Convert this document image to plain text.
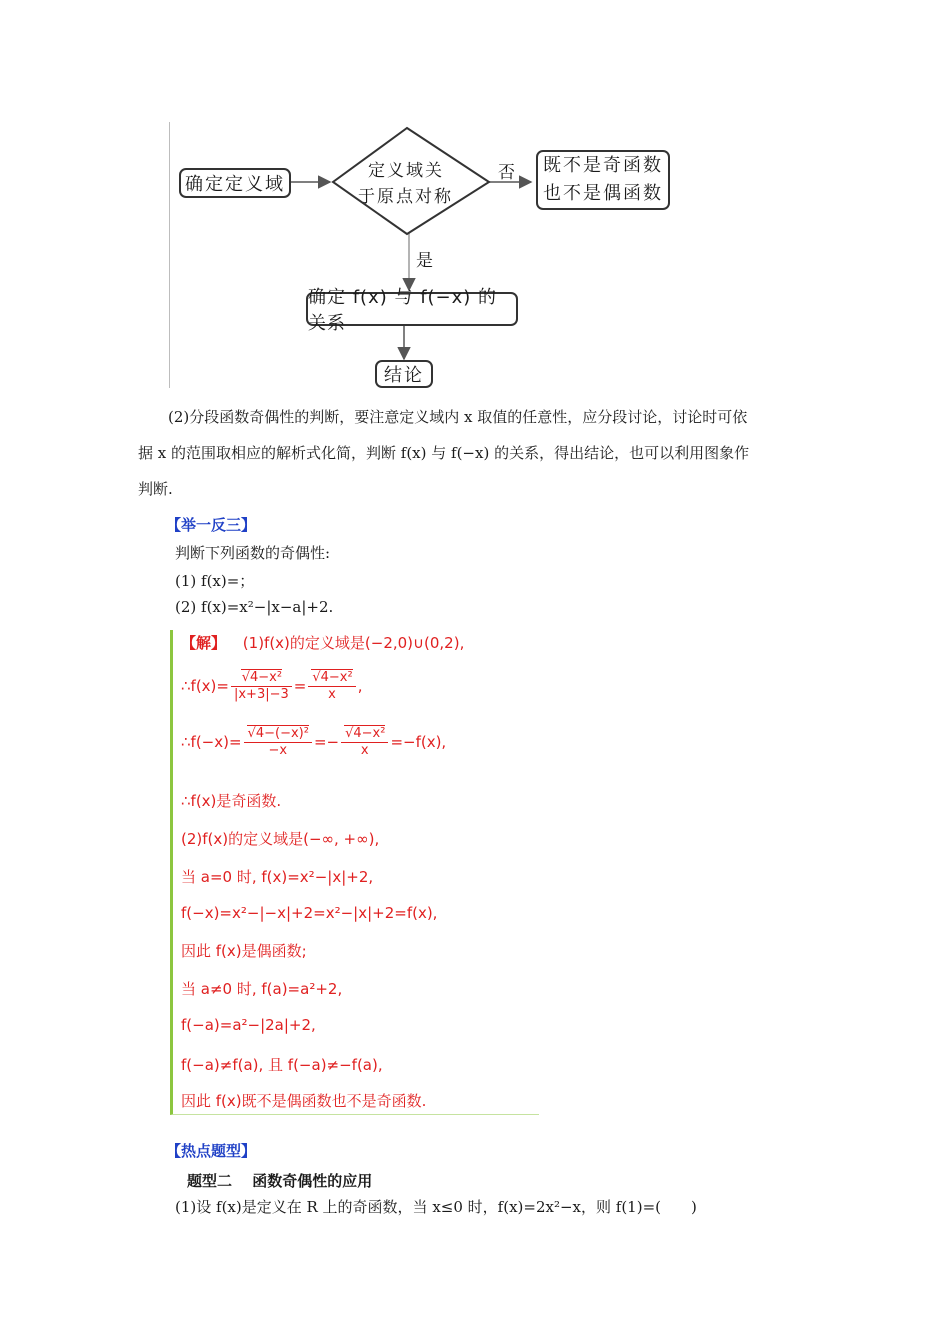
确定定义域
定义域关
于原点对称
否
是
既不是奇函数
也不是偶函数
确定 f(x) 与 f(−x) 的关系
结论
(2)分段函数奇偶性的判断，要注意定义域内 x 取值的任意性，应分段讨论，讨论时可依
据 x 的范围取相应的解析式化简，判断 f(x) 与 f(−x) 的关系，得出结论，也可以利用图象作
判断.
【举一反三】
判断下列函数的奇偶性:
(1) f(x)=；
(2) f(x)=x²−|x−a|+2.
【解】 (1)f(x)的定义域是(−2,0)∪(0,2),
∴f(x)= $\frac{\text{√4−x²}}{|x+3|-3} = \frac{\text{√4−x²}}{x}$ ,
∴f(−x)= $\frac{\text{√4−(−x)²}}{-x} =- \frac{\text{√4−x²}}{x} =-f(x)$,
∴f(x)是奇函数.
(2)f(x)的定义域是(−∞, +∞),
当 a=0 时, f(x)=x²−|x|+2,
f(−x)=x²−|−x|+2=x²−|x|+2=f(x),
因此 f(x)是偶函数;
当 a≠0 时, f(a)=a²+2,
f(−a)=a²−|2a|+2,
f(−a)≠f(a), 且 f(−a)≠−f(a),
因此 f(x)既不是偶函数也不是奇函数.
【热点题型】
题型二　 函数奇偶性的应用
(1)设 f(x)是定义在 R 上的奇函数，当 x≤0 时，f(x)=2x²−x，则 f(1)=(　　)
